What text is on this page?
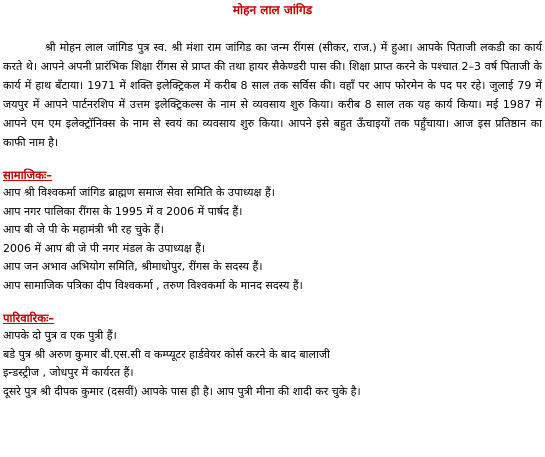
मोहन लाल जांगिड

श्री मोहन लाल जांगिड पुत्र स्व. श्री मंशा राम जांगिड का जन्म रींगस (सीकर, राज.) में हुआ। आपके पिताजी लकडी का कार्य करते थे। आपने अपनी प्रारंभिक शिक्षा रींगस से प्राप्त की तथा हायर सैकेण्डरी पास की। शिक्षा प्राप्त करने के पश्चात 2–3 वर्ष पिताजी के कार्य में हाथ बँटाया। 1971 में शक्ति इलेक्ट्रिकल में करीब 8 साल तक सर्विस की। वहाँ पर आप फोरमेन के पद पर रहे। जुलाई 79 में जयपुर में आपने पार्टनरशिप में उत्तम इलेक्ट्रिकल्स के नाम से व्यवसाय शुरु किया। करीब 8 साल तक यह कार्य किया। मई 1987 में आपने एम एम इलेक्ट्रॉनिक्स के नाम से स्वयं का व्यवसाय शुरु किया। आपने इसे बहुत ऊँचाइयों तक पहुँचाया। आज इस प्रतिष्ठान का काफी नाम है।

सामाजिकः–

आप श्री विश्वकर्मा जांगिड ब्राह्मण समाज सेवा समिति के उपाध्यक्ष हैं।

आप नगर पालिका रींगस के 1995 में व 2006 में पार्षद हैं।

आप बी जे पी के महामंत्री भी रह चुके हैं।

2006 में आप बी जे पी नगर मंडल के उपाध्यक्ष हैं।

आप जन अभाव अभियोग समिति, श्रीमाधोपुर, रींगस के सदस्य हैं।

आप सामाजिक पत्रिका दीप विश्वकर्मा , तरुण विश्वकर्मा के मानद सदस्य हैं।

पारिवारिकः–

आपके दो पुत्र व एक पुत्री हैं।

बडे पुत्र श्री अरुण कुमार बी.एस.सी व कम्प्यूटर हार्डवेयर कोर्स करने के बाद बालाजी

इन्डस्ट्रीज , जोधपुर में कार्यरत हैं।

दूसरे पुत्र श्री दीपक कुमार (दसवीं) आपके पास ही है। आप पुत्री मीना की शादी कर चुके है।
